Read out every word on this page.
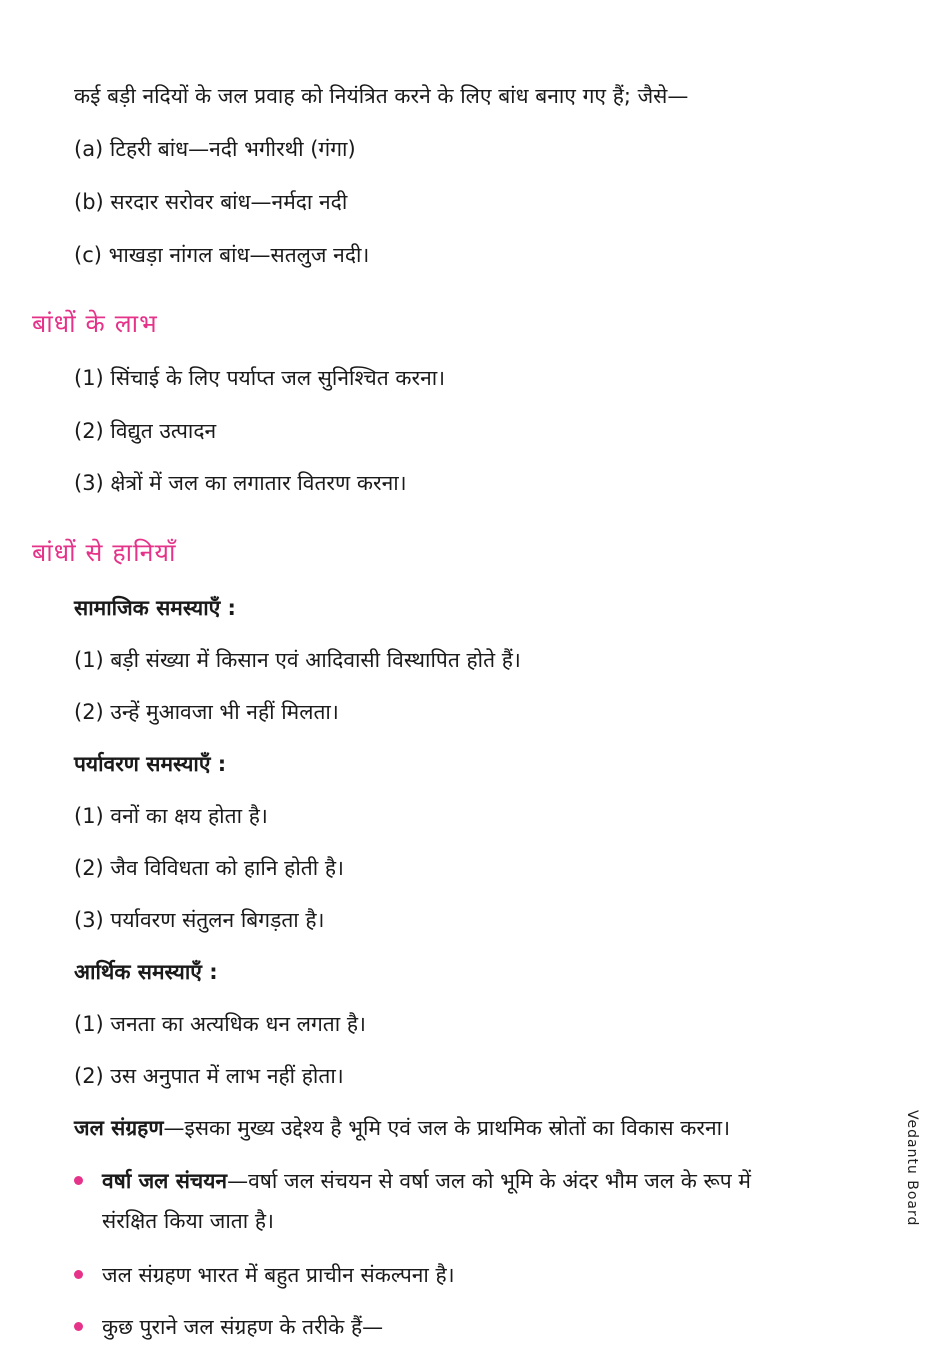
कई बड़ी नदियों के जल प्रवाह को नियंत्रित करने के लिए बांध बनाए गए हैं; जैसे—

(a) टिहरी बांध—नदी भगीरथी (गंगा)

(b) सरदार सरोवर बांध—नर्मदा नदी

(c) भाखड़ा नांगल बांध—सतलुज नदी।

बांधों के लाभ

(1) सिंचाई के लिए पर्याप्त जल सुनिश्चित करना।

(2) विद्युत उत्पादन

(3) क्षेत्रों में जल का लगातार वितरण करना।

बांधों से हानियाँ

सामाजिक समस्याएँ :

(1) बड़ी संख्या में किसान एवं आदिवासी विस्थापित होते हैं।

(2) उन्हें मुआवजा भी नहीं मिलता।

पर्यावरण समस्याएँ :

(1) वनों का क्षय होता है।

(2) जैव विविधता को हानि होती है।

(3) पर्यावरण संतुलन बिगड़ता है।

आर्थिक समस्याएँ :

(1) जनता का अत्यधिक धन लगता है।

(2) उस अनुपात में लाभ नहीं होता।

जल संग्रहण—इसका मुख्य उद्देश्य है भूमि एवं जल के प्राथमिक स्रोतों का विकास करना।

वर्षा जल संचयन—वर्षा जल संचयन से वर्षा जल को भूमि के अंदर भौम जल के रूप में

संरक्षित किया जाता है।

जल संग्रहण भारत में बहुत प्राचीन संकल्पना है।

कुछ पुराने जल संग्रहण के तरीके हैं—

Vedantu Board
